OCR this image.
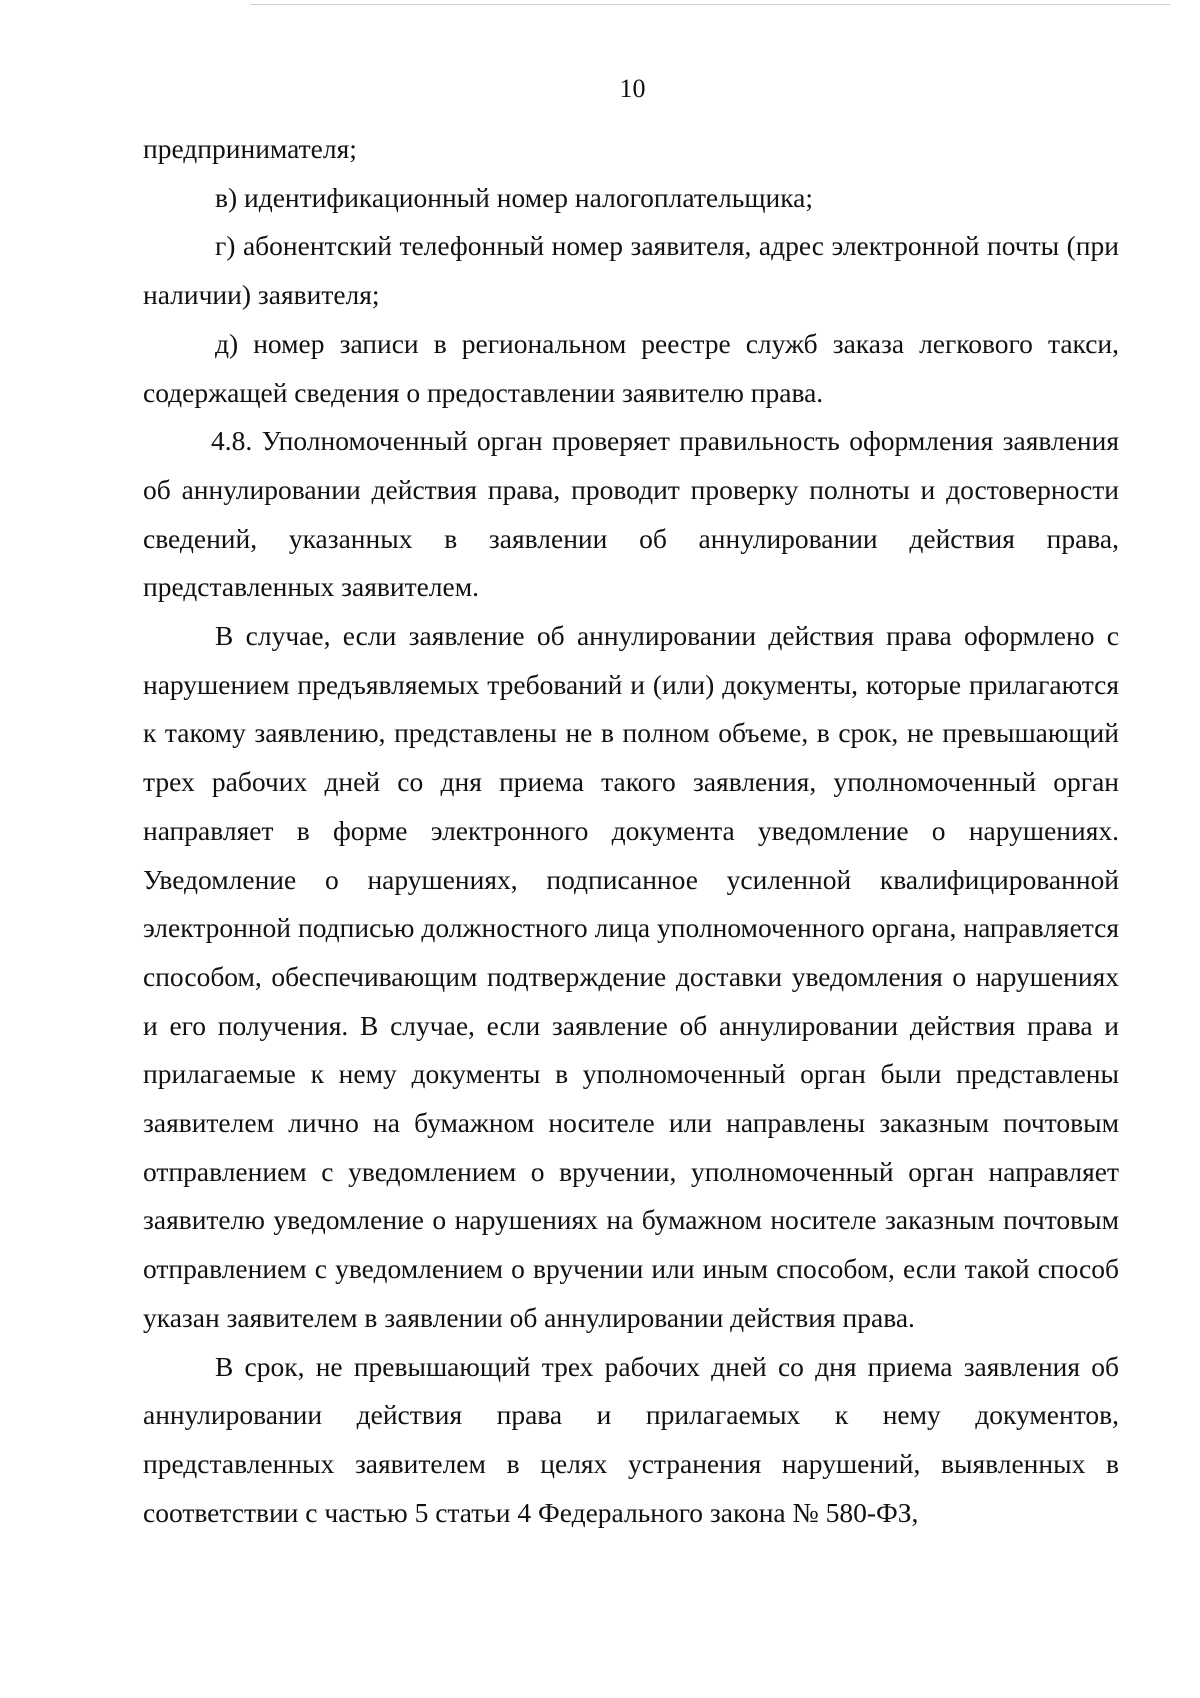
10

предпринимателя;

в) идентификационный номер налогоплательщика;

г) абонентский телефонный номер заявителя, адрес электронной почты (при наличии) заявителя;

д) номер записи в региональном реестре служб заказа легкового такси, содержащей сведения о предоставлении заявителю права.

4.8. Уполномоченный орган проверяет правильность оформления заявления об аннулировании действия права, проводит проверку полноты и достоверности сведений, указанных в заявлении об аннулировании действия права, представленных заявителем.

В случае, если заявление об аннулировании действия права оформлено с нарушением предъявляемых требований и (или) документы, которые прилагаются к такому заявлению, представлены не в полном объеме, в срок, не превышающий трех рабочих дней со дня приема такого заявления, уполномоченный орган направляет в форме электронного документа уведомление о нарушениях. Уведомление о нарушениях, подписанное усиленной квалифицированной электронной подписью должностного лица уполномоченного органа, направляется способом, обеспечивающим подтверждение доставки уведомления о нарушениях и его получения. В случае, если заявление об аннулировании действия права и прилагаемые к нему документы в уполномоченный орган были представлены заявителем лично на бумажном носителе или направлены заказным почтовым отправлением с уведомлением о вручении, уполномоченный орган направляет заявителю уведомление о нарушениях на бумажном носителе заказным почтовым отправлением с уведомлением о вручении или иным способом, если такой способ указан заявителем в заявлении об аннулировании действия права.

В срок, не превышающий трех рабочих дней со дня приема заявления об аннулировании действия права и прилагаемых к нему документов, представленных заявителем в целях устранения нарушений, выявленных в соответствии с частью 5 статьи 4 Федерального закона № 580-ФЗ,
